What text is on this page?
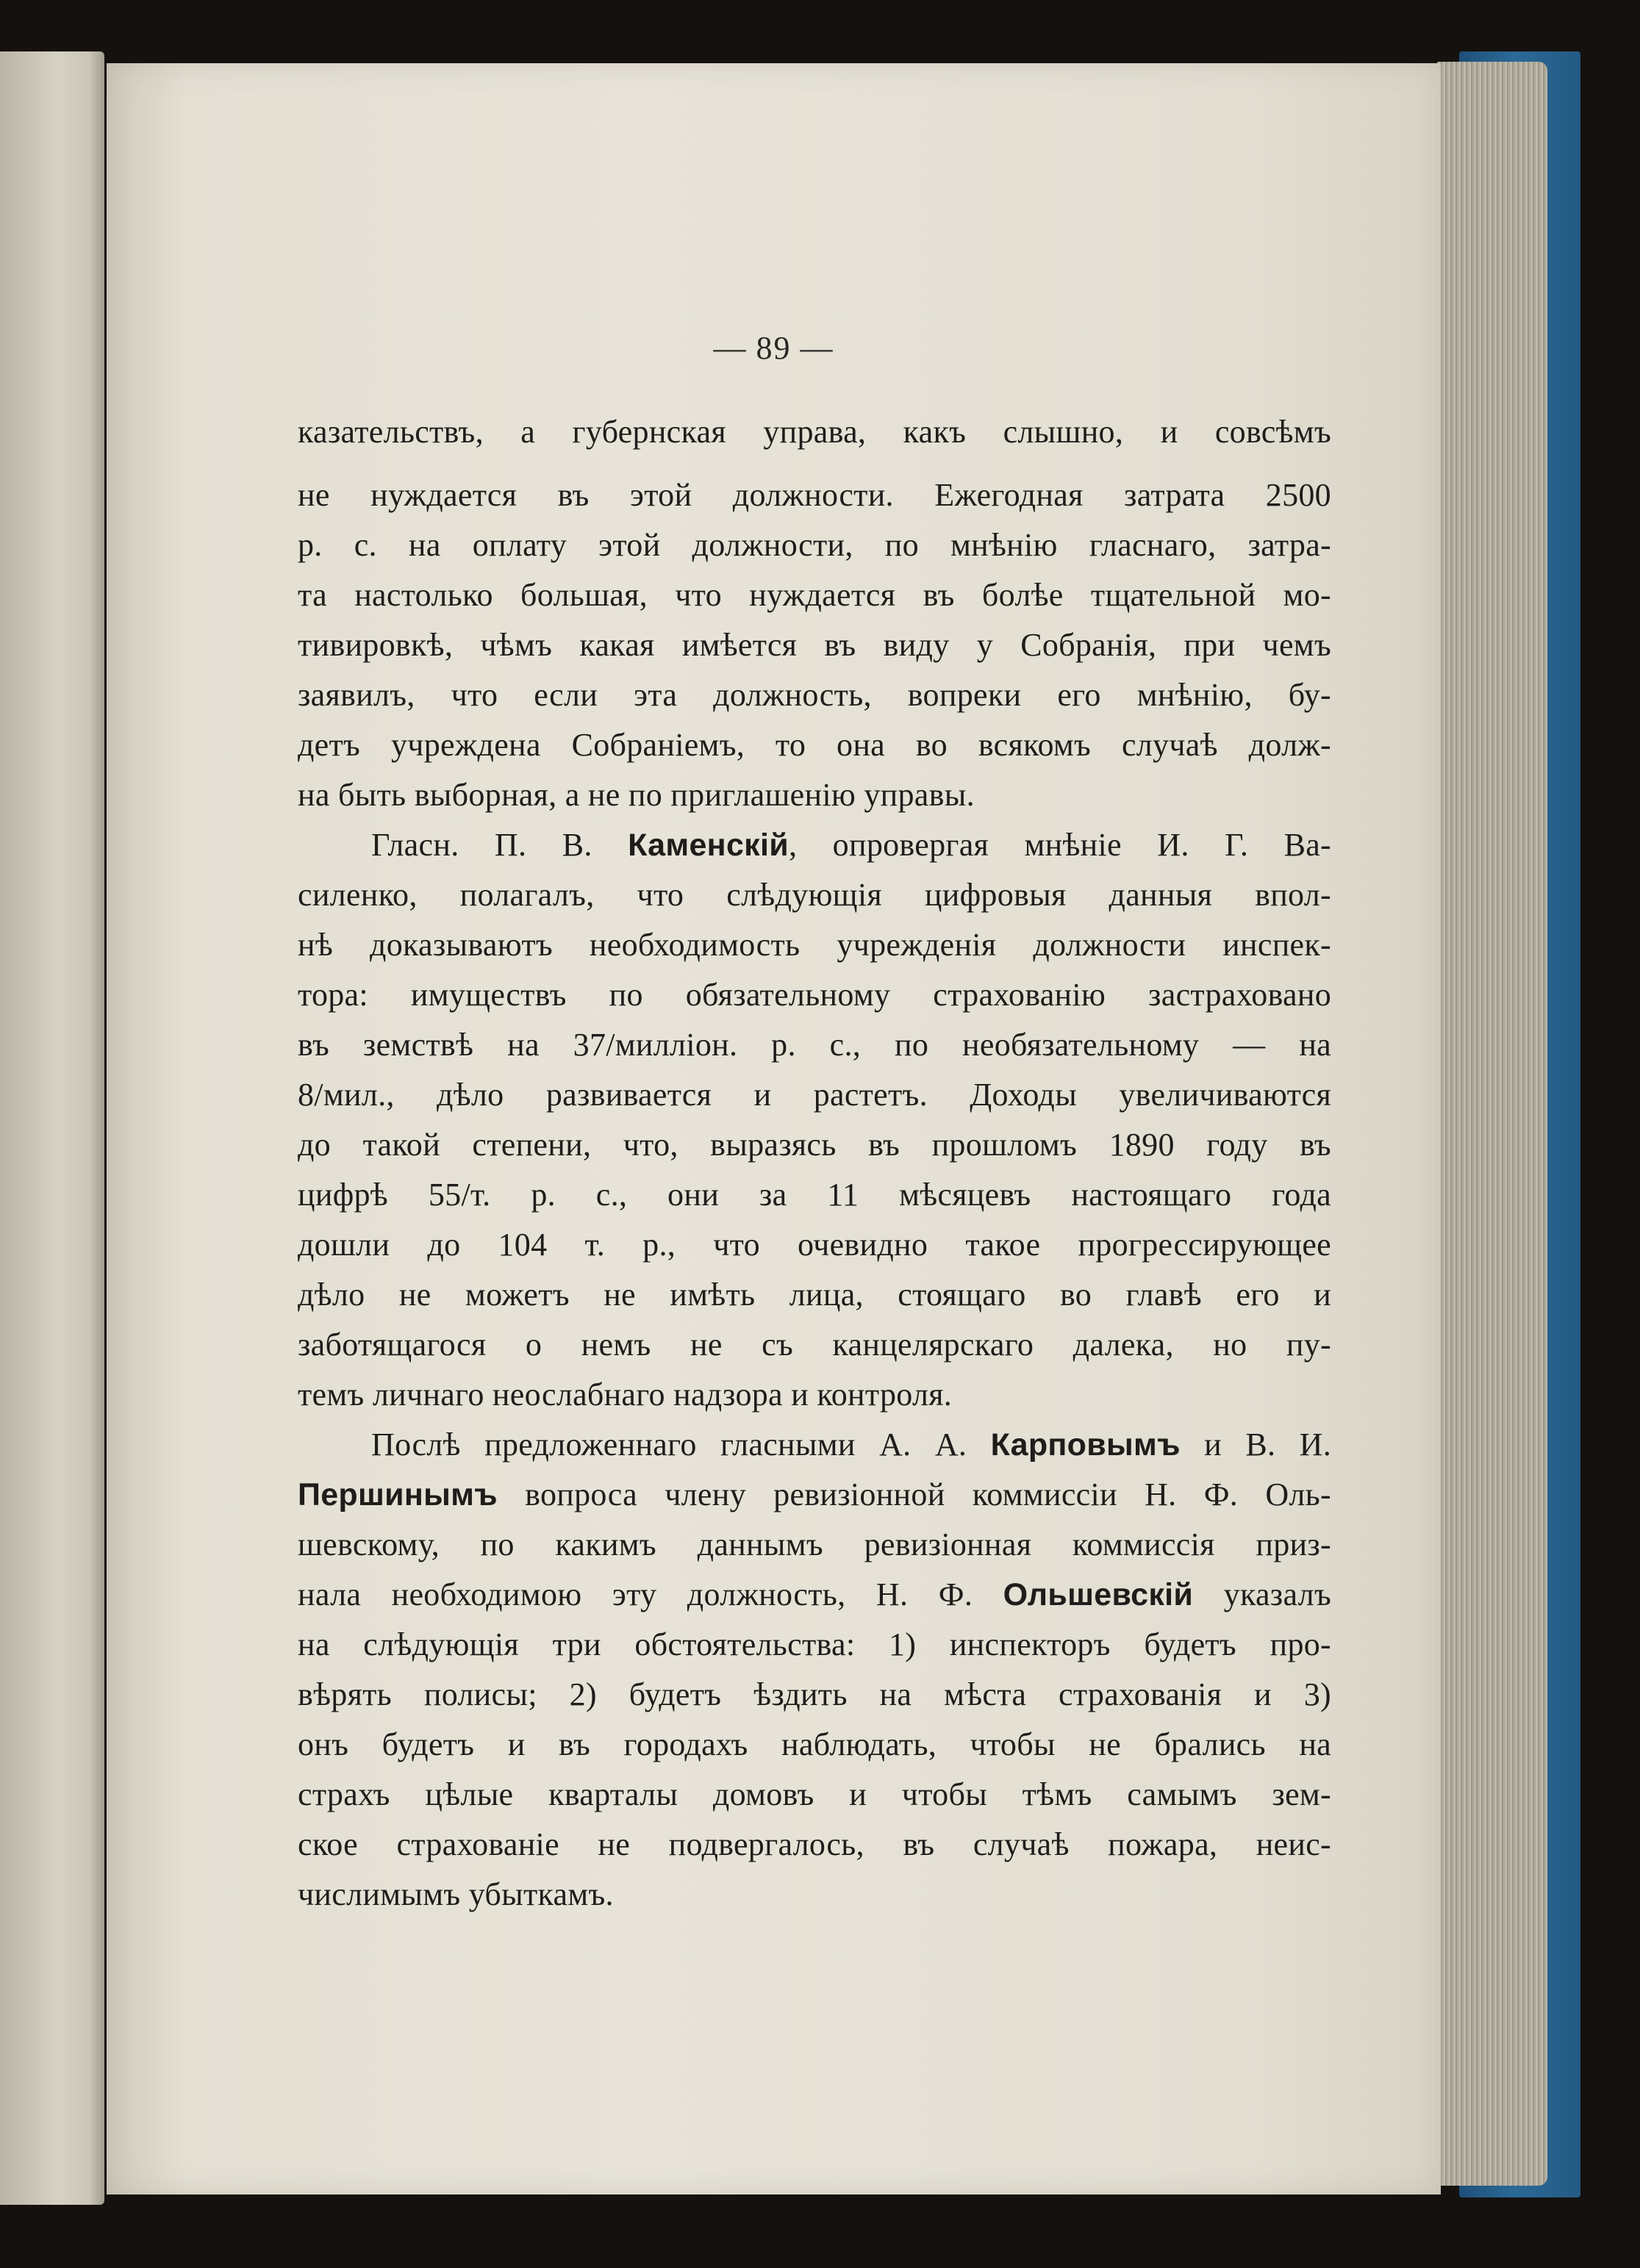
— 89 —
казательствъ, а губернская управа, какъ слышно, и совсѣмъ
не нуждается въ этой должности. Ежегодная затрата 2500
р. с. на оплату этой должности, по мнѣнію гласнаго, затра-
та настолько большая, что нуждается въ болѣе тщательной мо-
тивировкѣ, чѣмъ какая имѣется въ виду у Собранія, при чемъ
заявилъ, что если эта должность, вопреки его мнѣнію, бу-
детъ учреждена Собраніемъ, то она во всякомъ случаѣ долж-
на быть выборная, а не по приглашенію управы.
Гласн. П. В. Каменскій, опровергая мнѣніе И. Г. Ва-
силенко, полагалъ, что слѣдующія цифровыя данныя впол-
нѣ доказываютъ необходимость учрежденія должности инспек-
тора: имуществъ по обязательному страхованію застраховано
въ земствѣ на 37/милліон. р. с., по необязательному — на
8/мил., дѣло развивается и растетъ. Доходы увеличиваются
до такой степени, что, выразясь въ прошломъ 1890 году въ
цифрѣ 55/т. р. с., они за 11 мѣсяцевъ настоящаго года
дошли до 104 т. р., что очевидно такое прогрессирующее
дѣло не можетъ не имѣть лица, стоящаго во главѣ его и
заботящагося о немъ не съ канцелярскаго далека, но пу-
темъ личнаго неослабнаго надзора и контроля.
Послѣ предложеннаго гласными А. А. Карповымъ и В. И.
Першинымъ вопроса члену ревизіонной коммиссіи Н. Ф. Оль-
шевскому, по какимъ даннымъ ревизіонная коммиссія приз-
нала необходимою эту должность, Н. Ф. Ольшевскій указалъ
на слѣдующія три обстоятельства: 1) инспекторъ будетъ про-
вѣрять полисы; 2) будетъ ѣздить на мѣста страхованія и 3)
онъ будетъ и въ городахъ наблюдать, чтобы не брались на
страхъ цѣлые кварталы домовъ и чтобы тѣмъ самымъ зем-
ское страхованіе не подвергалось, въ случаѣ пожара, неис-
числимымъ убыткамъ.
